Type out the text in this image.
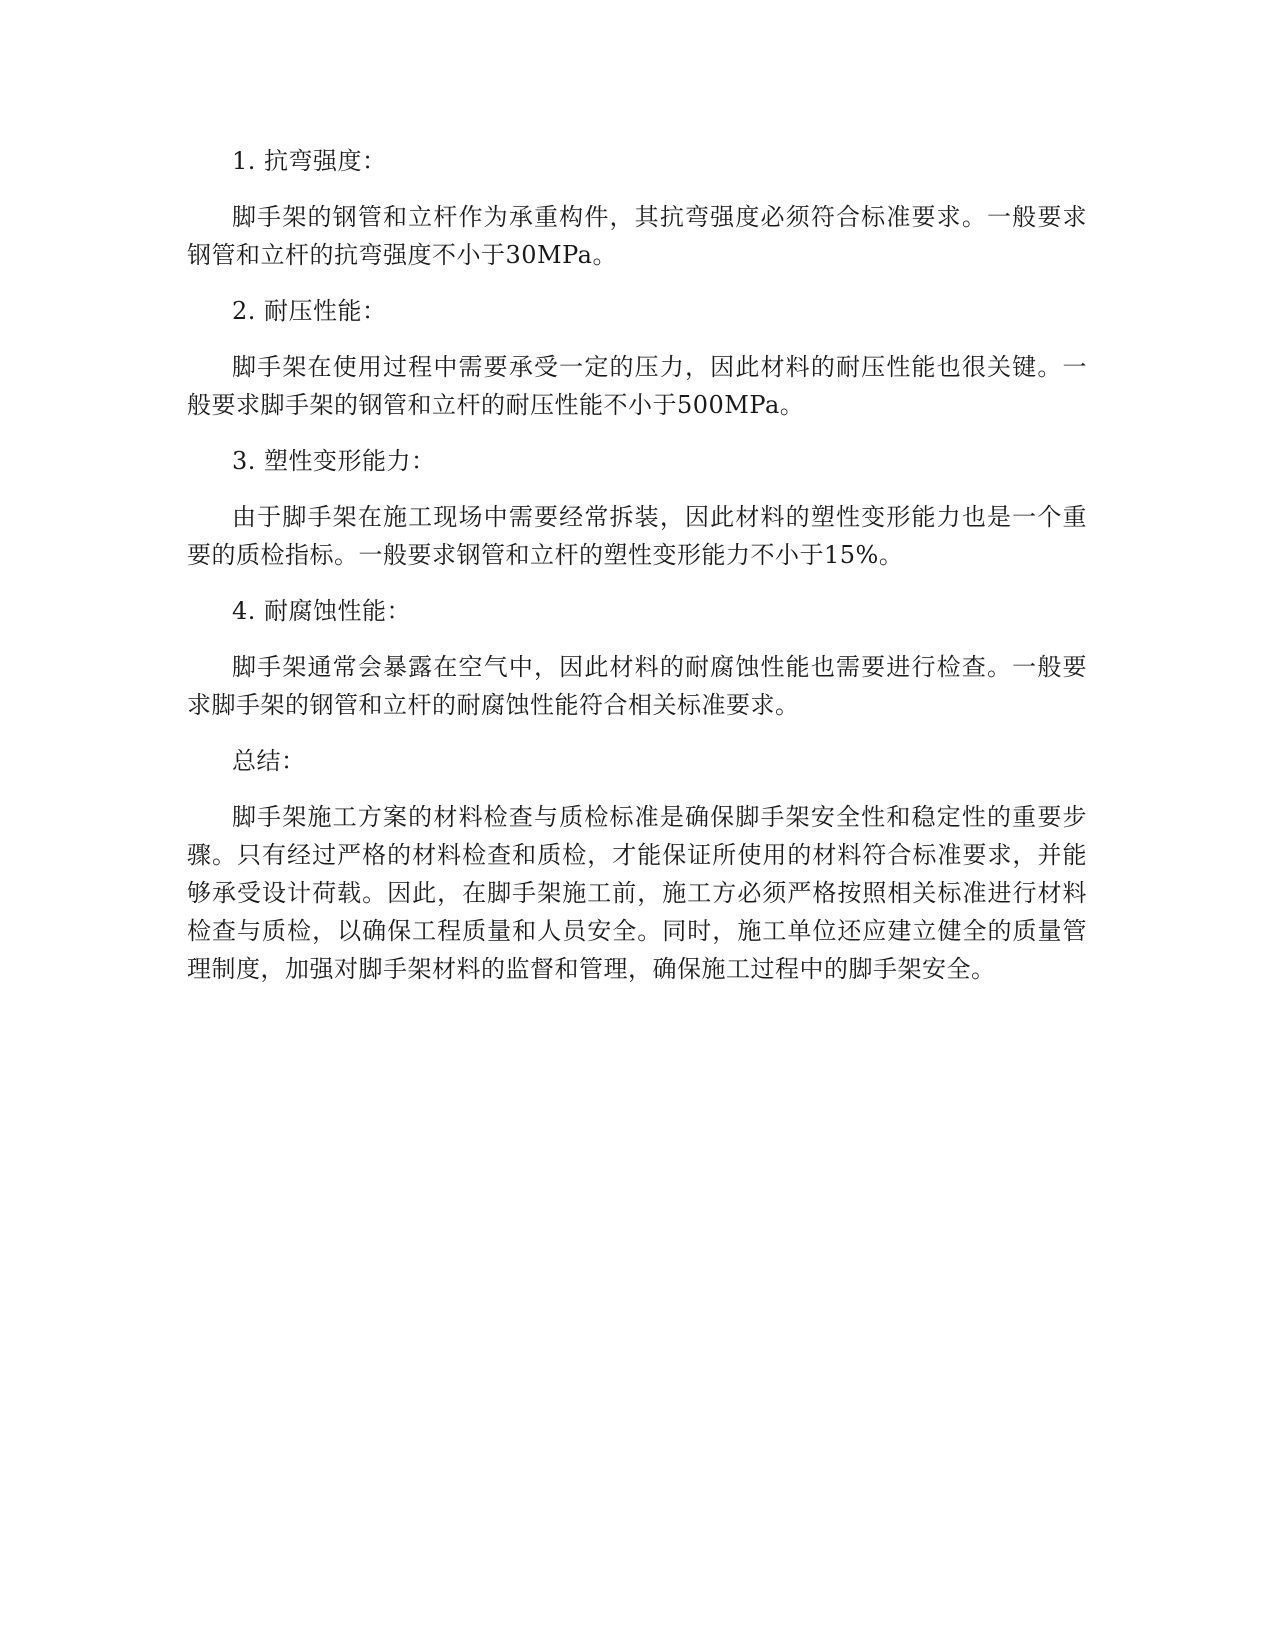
1. 抗弯强度：

脚手架的钢管和立杆作为承重构件，其抗弯强度必须符合标准要求。一般要求钢管和立杆的抗弯强度不小于30MPa。

2. 耐压性能：

脚手架在使用过程中需要承受一定的压力，因此材料的耐压性能也很关键。一般要求脚手架的钢管和立杆的耐压性能不小于500MPa。

3. 塑性变形能力：

由于脚手架在施工现场中需要经常拆装，因此材料的塑性变形能力也是一个重要的质检指标。一般要求钢管和立杆的塑性变形能力不小于15%。

4. 耐腐蚀性能：

脚手架通常会暴露在空气中，因此材料的耐腐蚀性能也需要进行检查。一般要求脚手架的钢管和立杆的耐腐蚀性能符合相关标准要求。

总结：

脚手架施工方案的材料检查与质检标准是确保脚手架安全性和稳定性的重要步骤。只有经过严格的材料检查和质检，才能保证所使用的材料符合标准要求，并能够承受设计荷载。因此，在脚手架施工前，施工方必须严格按照相关标准进行材料检查与质检，以确保工程质量和人员安全。同时，施工单位还应建立健全的质量管理制度，加强对脚手架材料的监督和管理，确保施工过程中的脚手架安全。
